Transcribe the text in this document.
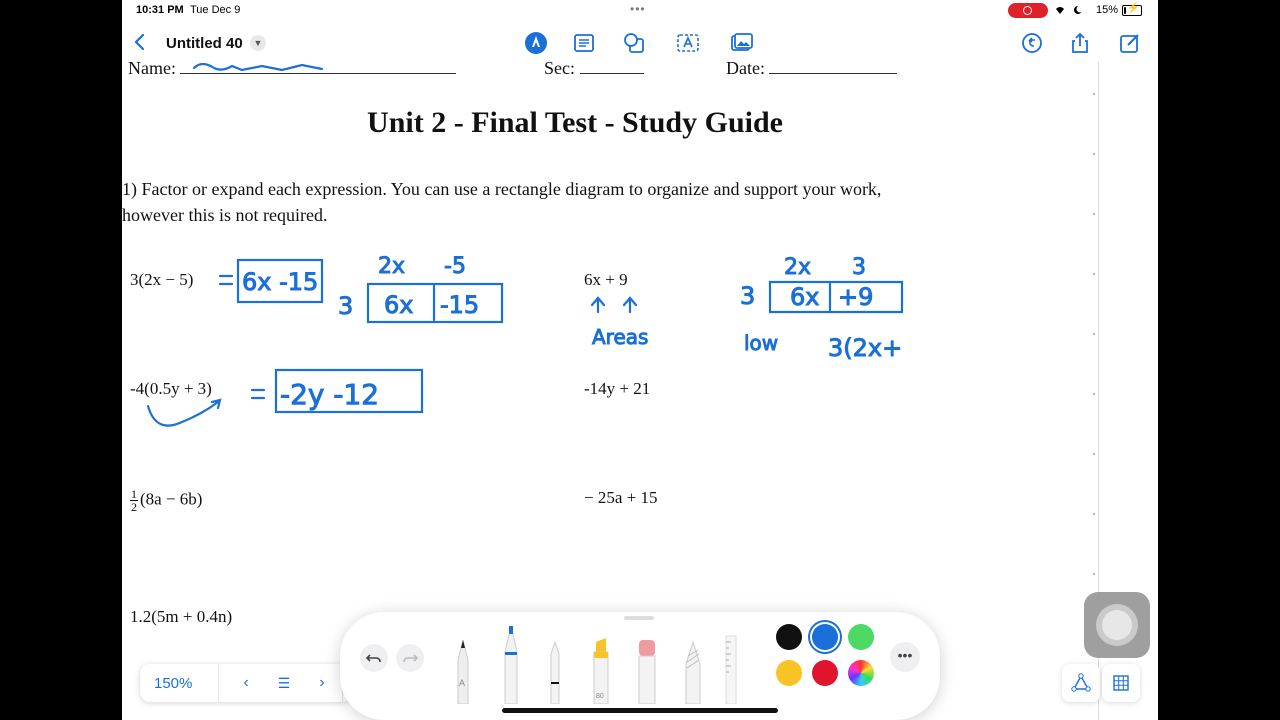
10:31 PM Tue Dec 9	•••	15% ⚡
Untitled 40	▼
Name:	Sec:	Date:
Unit 2 - Final Test - Study Guide
1) Factor or expand each expression. You can use a rectangle diagram to organize and support your work,
however this is not required.
3(2x − 5)	6x + 9
-4(0.5y + 3)	-14y + 21
$\frac{1}{2} (8a - 6b)$	− 25a + 15
1.2(5m + 0.4n)
6x -15
2x -5
3 6x -15
Areas
2x 3
3 6x +9
low 3(2x+
-2y -12
150%	‹	☰	›	A
80
•••
